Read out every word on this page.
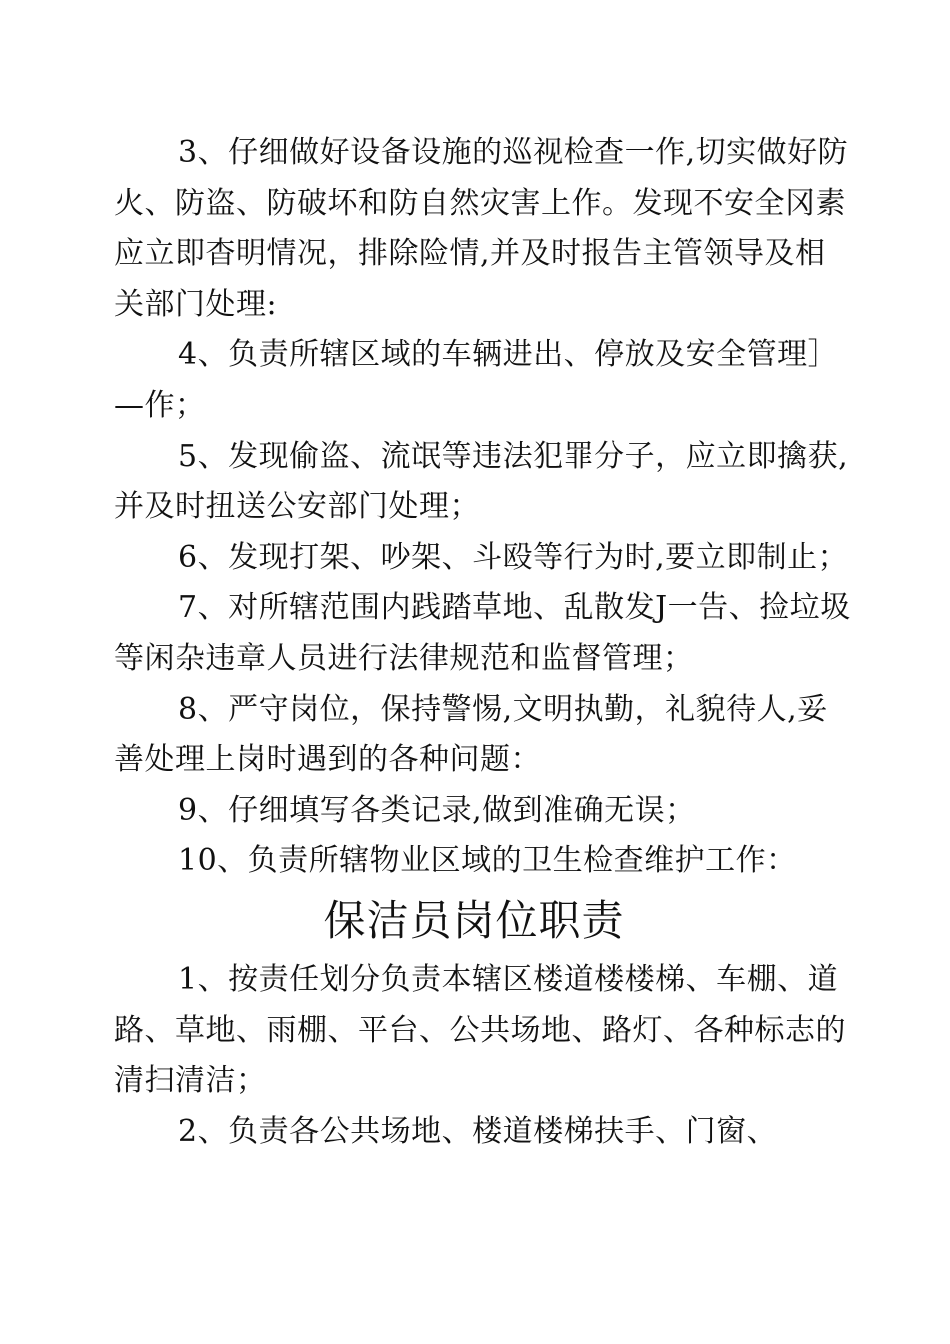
3、仔细做好设备设施的巡视检查一作,切实做好防火、防盗、防破坏和防自然灾害上作。发现不安全冈素应立即杳明情况，排除险情,并及时报告主管领导及相关部门处理:

4、负责所辖区域的车辆进出、停放及安全管理］—作；

5、发现偷盗、流氓等违法犯罪分子，应立即擒获,并及时扭送公安部门处理；

6、发现打架、吵架、斗殴等行为时,要立即制止；

7、对所辖范围内践踏草地、乱散发J一告、捡垃圾等闲杂违章人员进行法律规范和监督管理；

8、严守岗位，保持警惕,文明执勤，礼貌待人,妥善处理上岗时遇到的各种问题：

9、仔细填写各类记录,做到准确无误；

10、负责所辖物业区域的卫生检查维护工作：

保洁员岗位职责

1、按责任划分负责本辖区楼道楼楼梯、车棚、道路、草地、雨棚、平台、公共场地、路灯、各种标志的清扫清洁；

2、负责各公共场地、楼道楼梯扶手、门窗、
